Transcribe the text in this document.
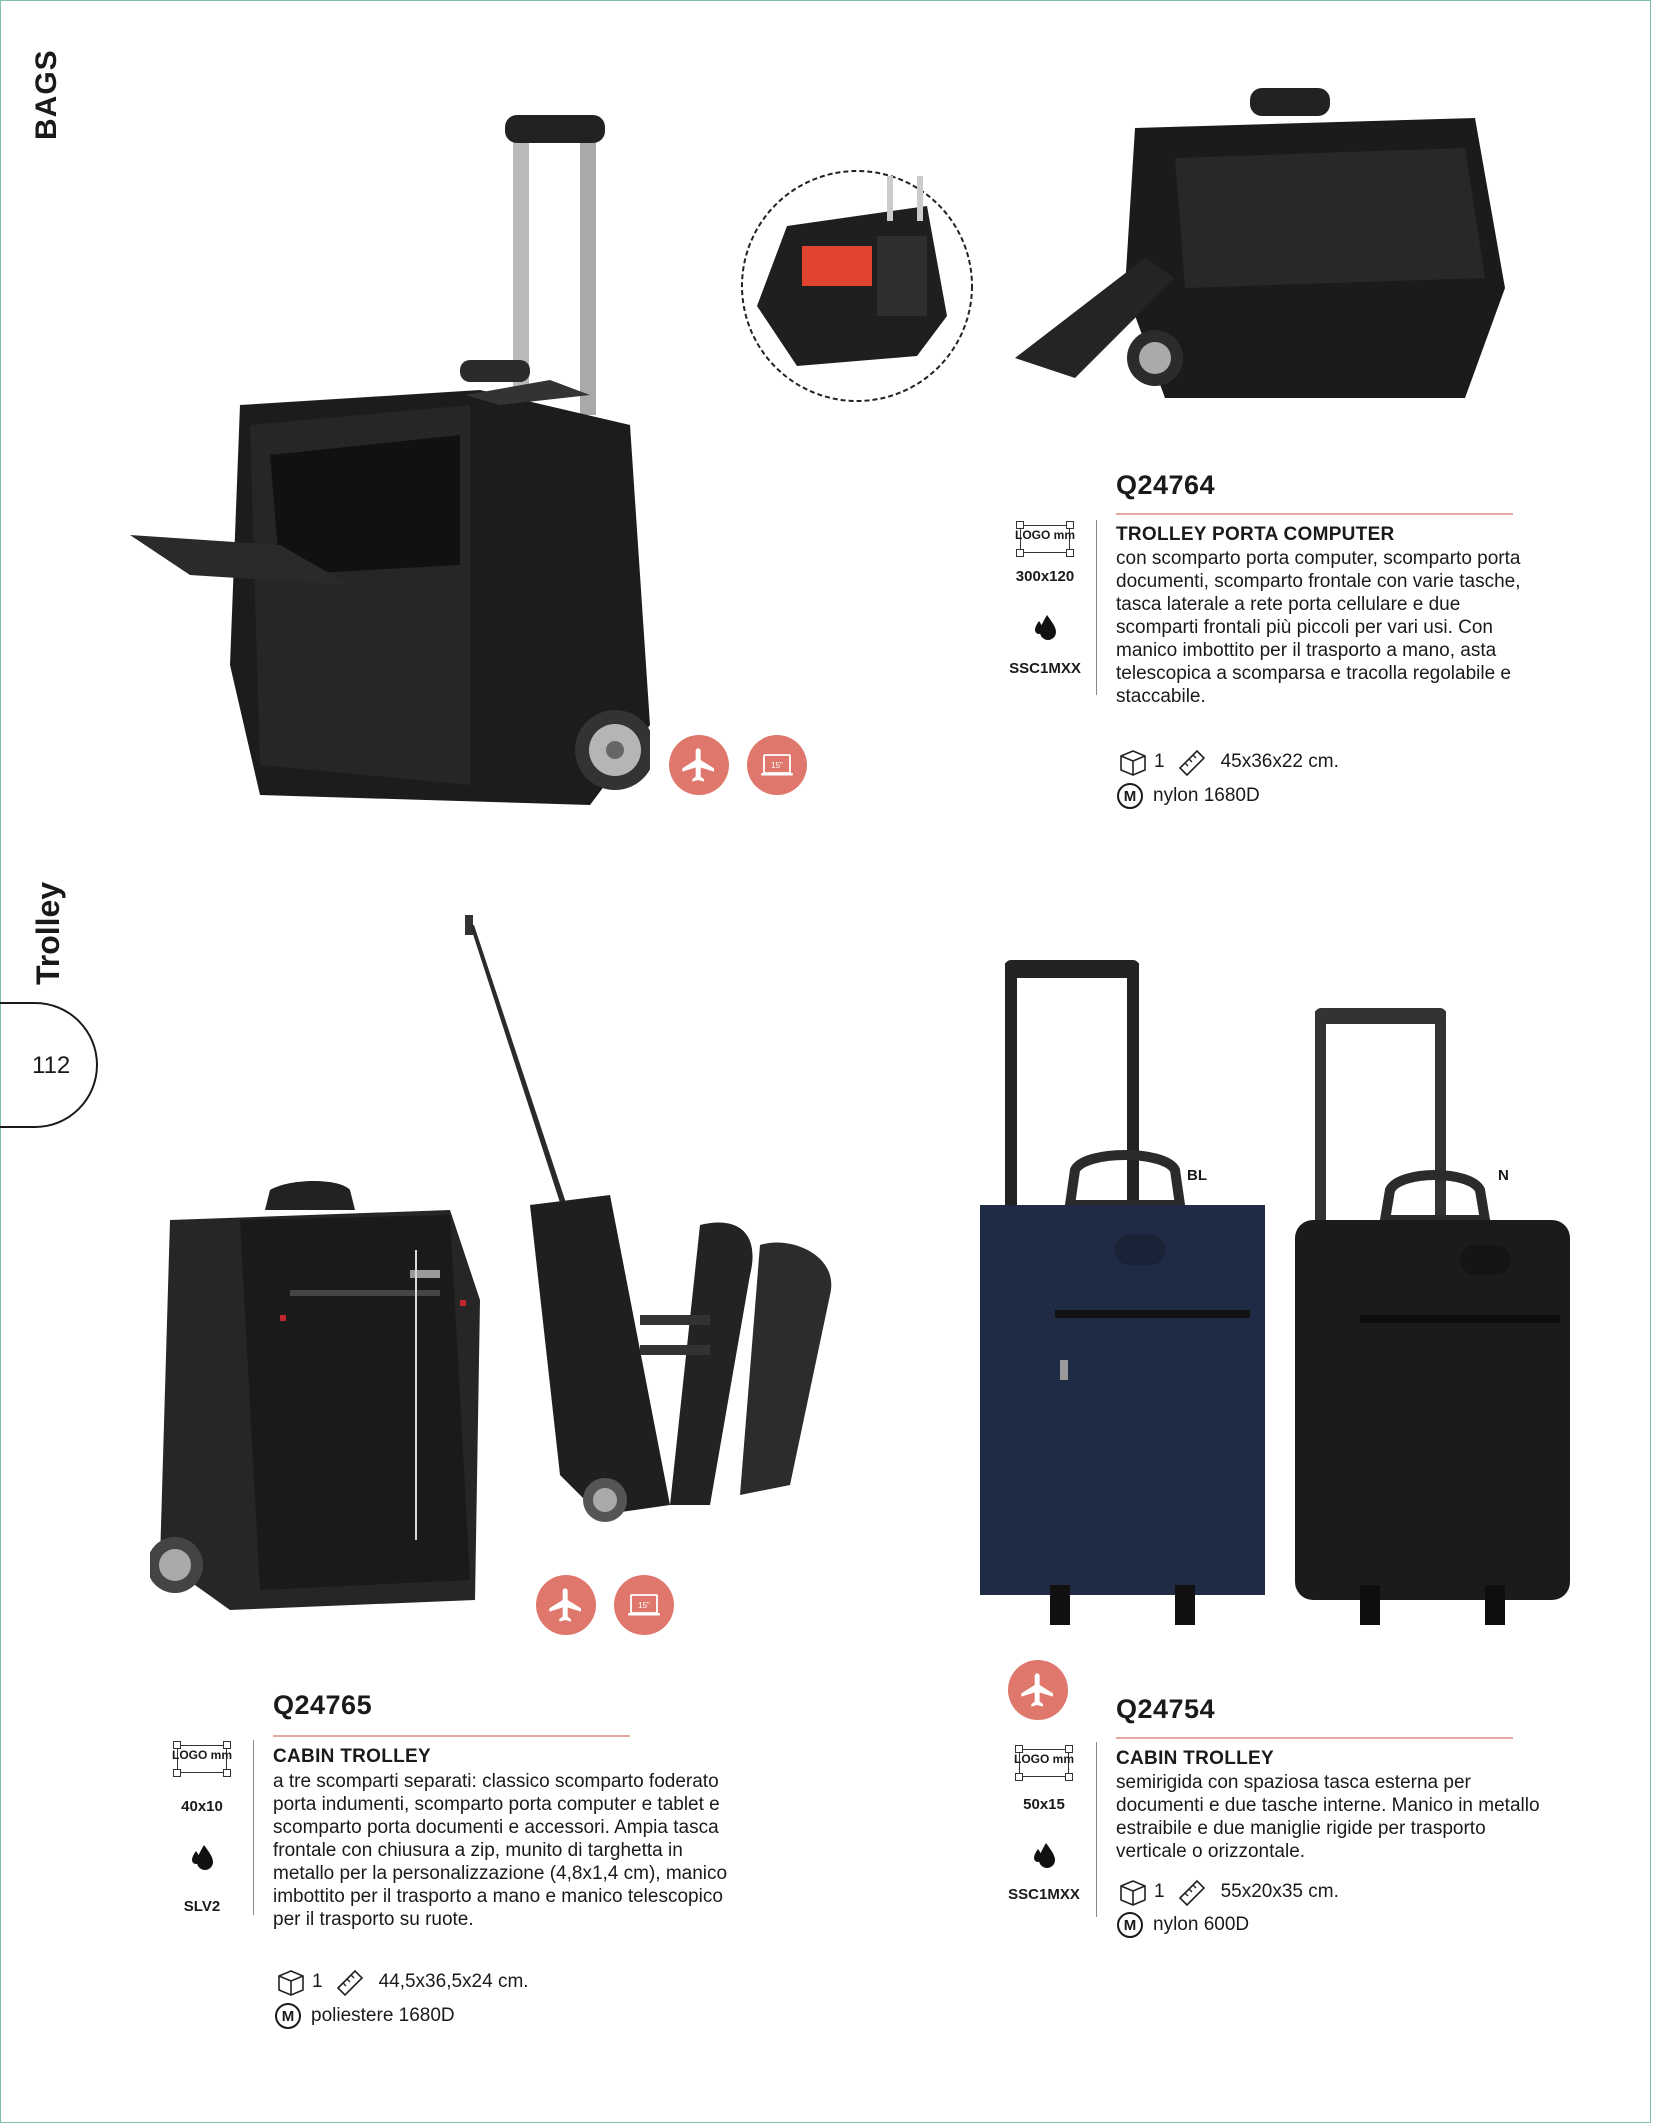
BAGS
Trolley
112
15"
Q24764
LOGO mm
300x120
SSC1MXX
TROLLEY PORTA COMPUTER
con scomparto porta computer, scomparto porta documenti, scomparto frontale con varie tasche, tasca laterale a rete porta cellulare e due scomparti frontali più piccoli per vari usi. Con manico imbottito per il trasporto a mano, asta telescopica a scomparsa e tracolla regolabile e staccabile.
1	45x36x22 cm.
M nylon 1680D
15"
Q24765
LOGO mm
40x10
SLV2
CABIN TROLLEY
a tre scomparti separati: classico scomparto foderato porta indumenti, scomparto porta computer e tablet e scomparto porta documenti e accessori. Ampia tasca frontale con chiusura a zip, munito di targhetta in metallo per la personalizzazione (4,8x1,4 cm), manico imbottito per il trasporto a mano e manico telescopico per il trasporto su ruote.
1	44,5x36,5x24 cm.
M poliestere 1680D
BL	N
Q24754
LOGO mm
50x15
SSC1MXX
CABIN TROLLEY
semirigida con spaziosa tasca esterna per documenti e due tasche interne. Manico in metallo estraibile e due maniglie rigide per trasporto verticale o orizzontale.
1	55x20x35 cm.
M nylon 600D
